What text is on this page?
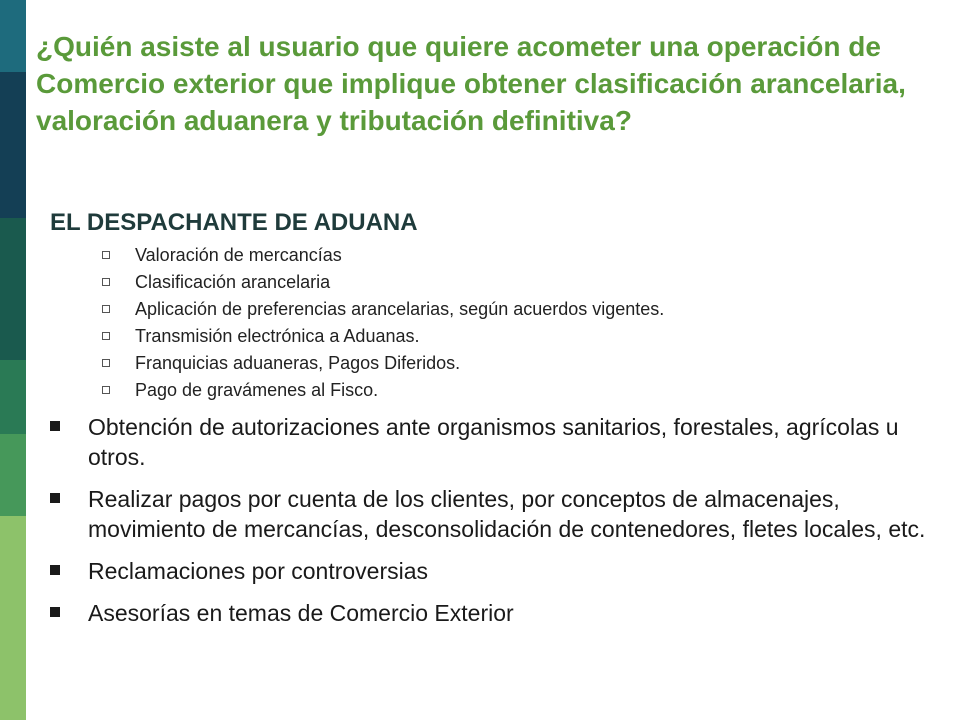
¿Quién asiste al usuario que quiere acometer una operación de Comercio exterior que implique obtener clasificación arancelaria, valoración aduanera y tributación definitiva?
EL DESPACHANTE DE ADUANA
Valoración de mercancías
Clasificación arancelaria
Aplicación de preferencias arancelarias, según acuerdos vigentes.
Transmisión electrónica a Aduanas.
Franquicias aduaneras, Pagos Diferidos.
Pago de gravámenes al Fisco.
Obtención de autorizaciones ante organismos sanitarios, forestales, agrícolas u otros.
Realizar pagos por cuenta de los clientes, por conceptos de almacenajes, movimiento de mercancías, desconsolidación de contenedores, fletes locales, etc.
Reclamaciones por controversias
Asesorías en temas de Comercio Exterior
